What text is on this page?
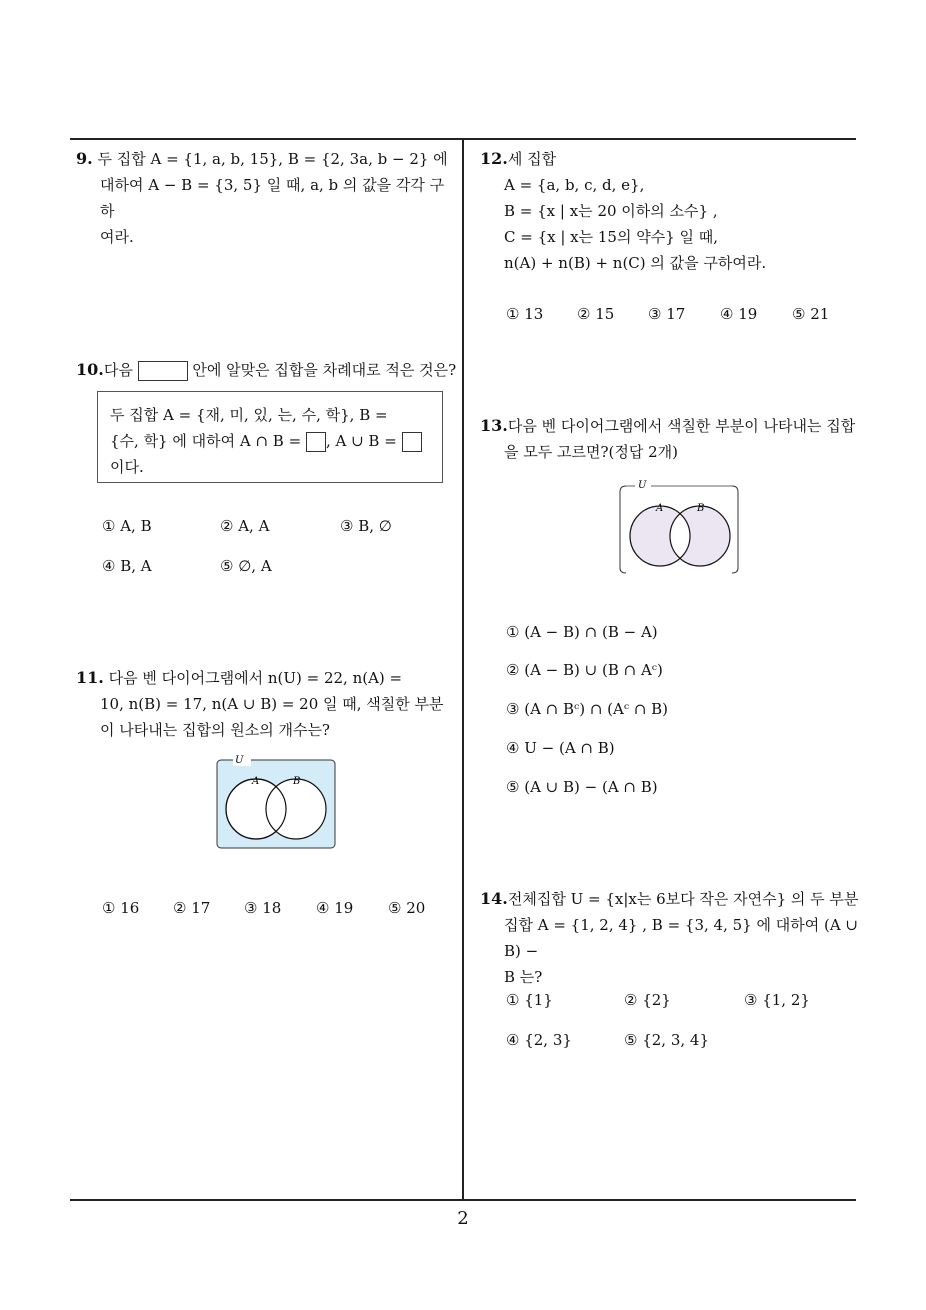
9. 두 집합 A = {1, a, b, 15}, B = {2, 3a, b − 2} 에
대하여 A − B = {3, 5} 일 때, a, b 의 값을 각각 구하
여라.
10.다음	안에 알맞은 집합을 차례대로 적은 것은?
두 집합 A = {재, 미, 있, 는, 수, 학}, B =
{수, 학} 에 대하여 A ∩ B = , A ∪ B =
이다.
① A, B	② A, A	③ B, ∅
④ B, A	⑤ ∅, A
11. 다음 벤 다이어그램에서 n(U) = 22, n(A) =
10, n(B) = 17, n(A ∪ B) = 20 일 때, 색칠한 부분
이 나타내는 집합의 원소의 개수는?
U
A	B
① 16 ② 17 ③ 18 ④ 19 ⑤ 20
12.세 집합
A = {a, b, c, d, e},
B = {x | x는 20 이하의 소수} ,
C = {x | x는 15의 약수} 일 때,
n(A) + n(B) + n(C) 의 값을 구하여라.
① 13 ② 15 ③ 17 ④ 19 ⑤ 21
13.다음 벤 다이어그램에서 색칠한 부분이 나타내는 집합
을 모두 고르면?(정답 2개)
U
A	B
① (A − B) ∩ (B − A)
② (A − B) ∪ (B ∩ Aᶜ)
③ (A ∩ Bᶜ) ∩ (Aᶜ ∩ B)
④ U − (A ∩ B)
⑤ (A ∪ B) − (A ∩ B)
14.전체집합 U = {x|x는 6보다 작은 자연수} 의 두 부분
집합 A = {1, 2, 4} , B = {3, 4, 5} 에 대하여 (A ∪ B) −
B 는?
① {1}	② {2}	③ {1, 2}
④ {2, 3}	⑤ {2, 3, 4}
2
